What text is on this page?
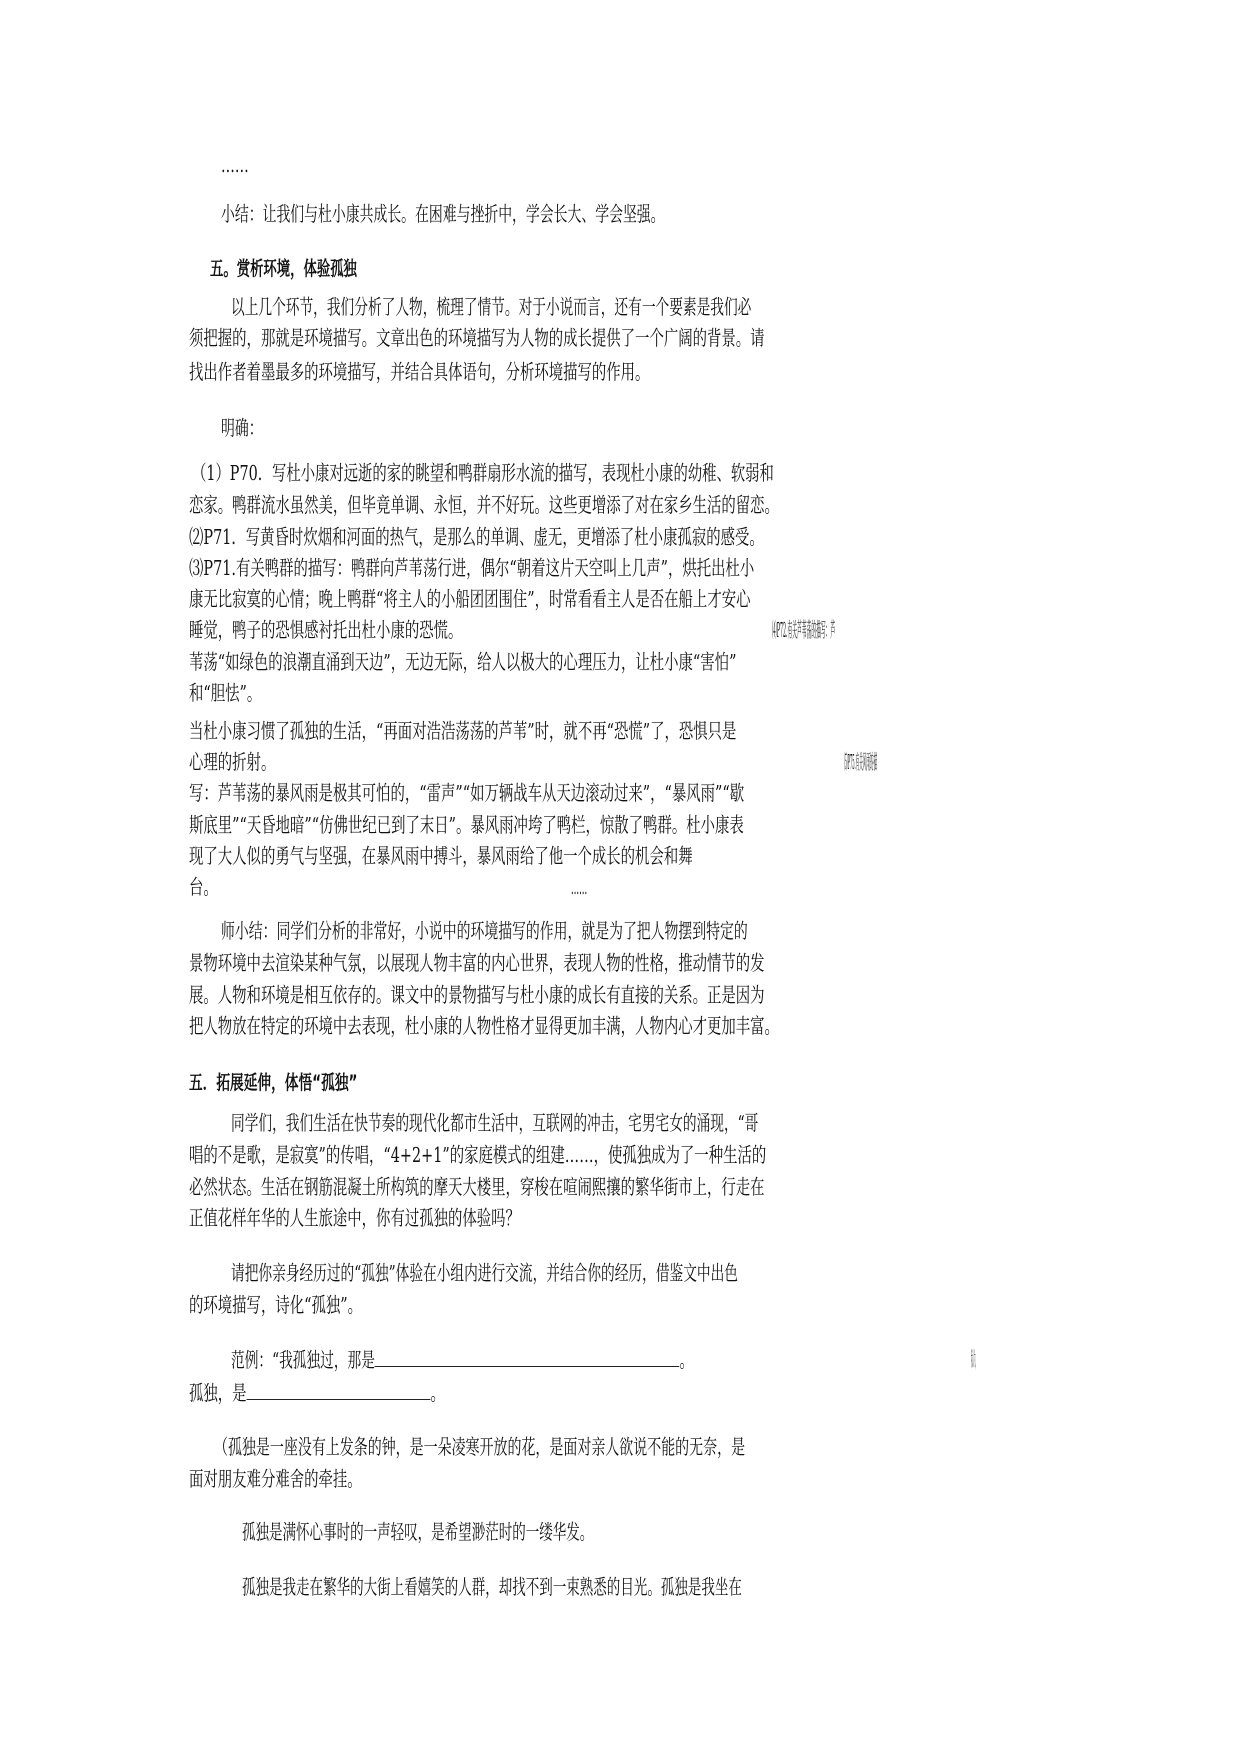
……
小结：让我们与杜小康共成长。在困难与挫折中，学会长大、学会坚强。
五。赏析环境，体验孤独
以上几个环节，我们分析了人物，梳理了情节。对于小说而言，还有一个要素是我们必
须把握的，那就是环境描写。文章出色的环境描写为人物的成长提供了一个广阔的背景。请
找出作者着墨最多的环境描写，并结合具体语句，分析环境描写的作用。
明确：
（1）P70．写杜小康对远逝的家的眺望和鸭群扇形水流的描写，表现杜小康的幼稚、软弱和
恋家。鸭群流水虽然美，但毕竟单调、永恒，并不好玩。这些更增添了对在家乡生活的留恋。
⑵P71．写黄昏时炊烟和河面的热气，是那么的单调、虚无，更增添了杜小康孤寂的感受。
⑶P71.有关鸭群的描写：鸭群向芦苇荡行进，偶尔“朝着这片天空叫上几声”，烘托出杜小
康无比寂寞的心情；晚上鸭群“将主人的小船团团围住”，时常看看主人是否在船上才安心
睡觉，鸭子的恐惧感衬托出杜小康的恐慌。	⑷P72.有关芦苇荡的描写：芦
苇荡“如绿色的浪潮直涌到天边”，无边无际，给人以极大的心理压力，让杜小康“害怕”
和“胆怯”。
当杜小康习惯了孤独的生活，“再面对浩浩荡荡的芦苇”时，就不再“恐慌”了，恐惧只是
心理的折射。	⑸P75.有关风雨的描
写：芦苇荡的暴风雨是极其可怕的，“雷声”“如万辆战车从天边滚动过来”，“暴风雨”“歇
斯底里”“天昏地暗”“仿佛世纪已到了末日”。暴风雨冲垮了鸭栏，惊散了鸭群。杜小康表
现了大人似的勇气与坚强，在暴风雨中搏斗，暴风雨给了他一个成长的机会和舞
台。	……
师小结：同学们分析的非常好，小说中的环境描写的作用，就是为了把人物摆到特定的
景物环境中去渲染某种气氛，以展现人物丰富的内心世界，表现人物的性格，推动情节的发
展。人物和环境是相互依存的。课文中的景物描写与杜小康的成长有直接的关系。正是因为
把人物放在特定的环境中去表现，杜小康的人物性格才显得更加丰满，人物内心才更加丰富。
五．拓展延伸，体悟“孤独”
同学们，我们生活在快节奏的现代化都市生活中，互联网的冲击，宅男宅女的涌现，“哥
唱的不是歌，是寂寞”的传唱，“4+2+1”的家庭模式的组建……，使孤独成为了一种生活的
必然状态。生活在钢筋混凝土所构筑的摩天大楼里，穿梭在喧闹熙攘的繁华街市上，行走在
正值花样年华的人生旅途中，你有过孤独的体验吗？
请把你亲身经历过的“孤独”体验在小组内进行交流，并结合你的经历，借鉴文中出色
的环境描写，诗化“孤独”。
范例：“我孤独过，那是	。	我认为，
孤独，是	。
（孤独是一座没有上发条的钟，是一朵凌寒开放的花，是面对亲人欲说不能的无奈，是
面对朋友难分难舍的牵挂。
孤独是满怀心事时的一声轻叹，是希望渺茫时的一缕华发。
孤独是我走在繁华的大街上看嬉笑的人群，却找不到一束熟悉的目光。孤独是我坐在
